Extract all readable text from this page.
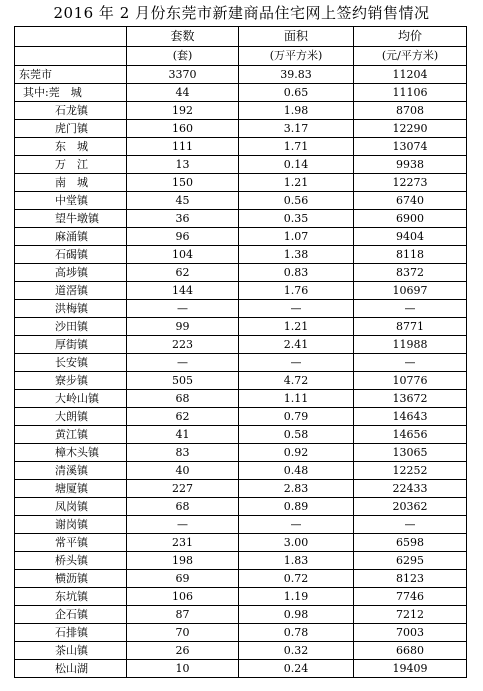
2016 年 2 月份东莞市新建商品住宅网上签约销售情况
	套数	面积	均价
	(套)	(万平方米)	(元/平方米)
东莞市	3370	39.83	11204
其中:莞　城	44	0.65	11106
石龙镇	192	1.98	8708
虎门镇	160	3.17	12290
东　城	111	1.71	13074
万　江	13	0.14	9938
南　城	150	1.21	12273
中堂镇	45	0.56	6740
望牛墩镇	36	0.35	6900
麻涌镇	96	1.07	9404
石碣镇	104	1.38	8118
高埗镇	62	0.83	8372
道滘镇	144	1.76	10697
洪梅镇	—	—	—
沙田镇	99	1.21	8771
厚街镇	223	2.41	11988
长安镇	—	—	—
寮步镇	505	4.72	10776
大岭山镇	68	1.11	13672
大朗镇	62	0.79	14643
黄江镇	41	0.58	14656
樟木头镇	83	0.92	13065
清溪镇	40	0.48	12252
塘厦镇	227	2.83	22433
凤岗镇	68	0.89	20362
谢岗镇	—	—	—
常平镇	231	3.00	6598
桥头镇	198	1.83	6295
横沥镇	69	0.72	8123
东坑镇	106	1.19	7746
企石镇	87	0.98	7212
石排镇	70	0.78	7003
茶山镇	26	0.32	6680
松山湖	10	0.24	19409
